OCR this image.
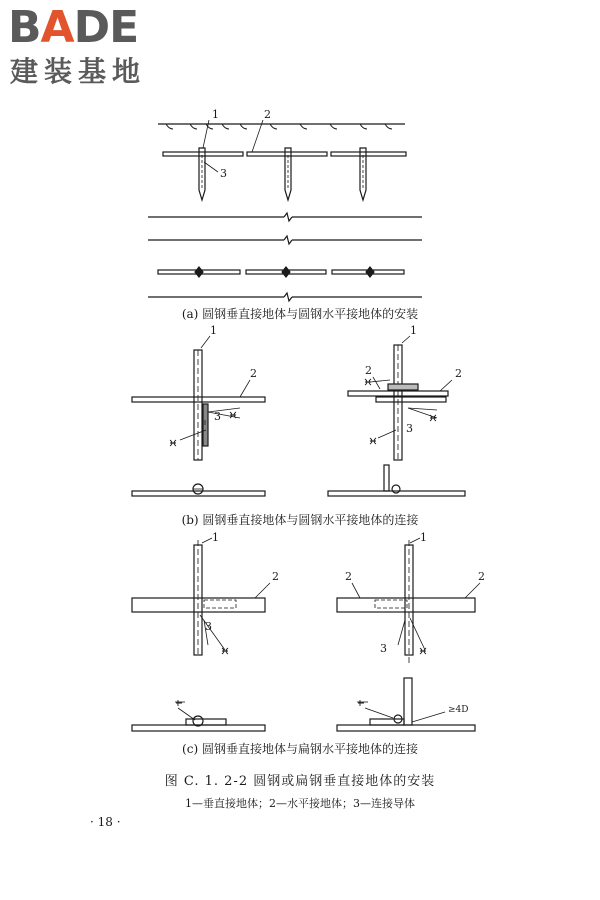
BADE
建装基地
1	2
3
1
2
3
1
2	2
3
1
2
3
1
2	2
3
≥4D
(a) 圆钢垂直接地体与圆钢水平接地体的安装
(b) 圆钢垂直接地体与圆钢水平接地体的连接
(c) 圆钢垂直接地体与扁钢水平接地体的连接
图 C. 1. 2-2 圆钢或扁钢垂直接地体的安装
1—垂直接地体；2—水平接地体；3—连接导体
· 18 ·
